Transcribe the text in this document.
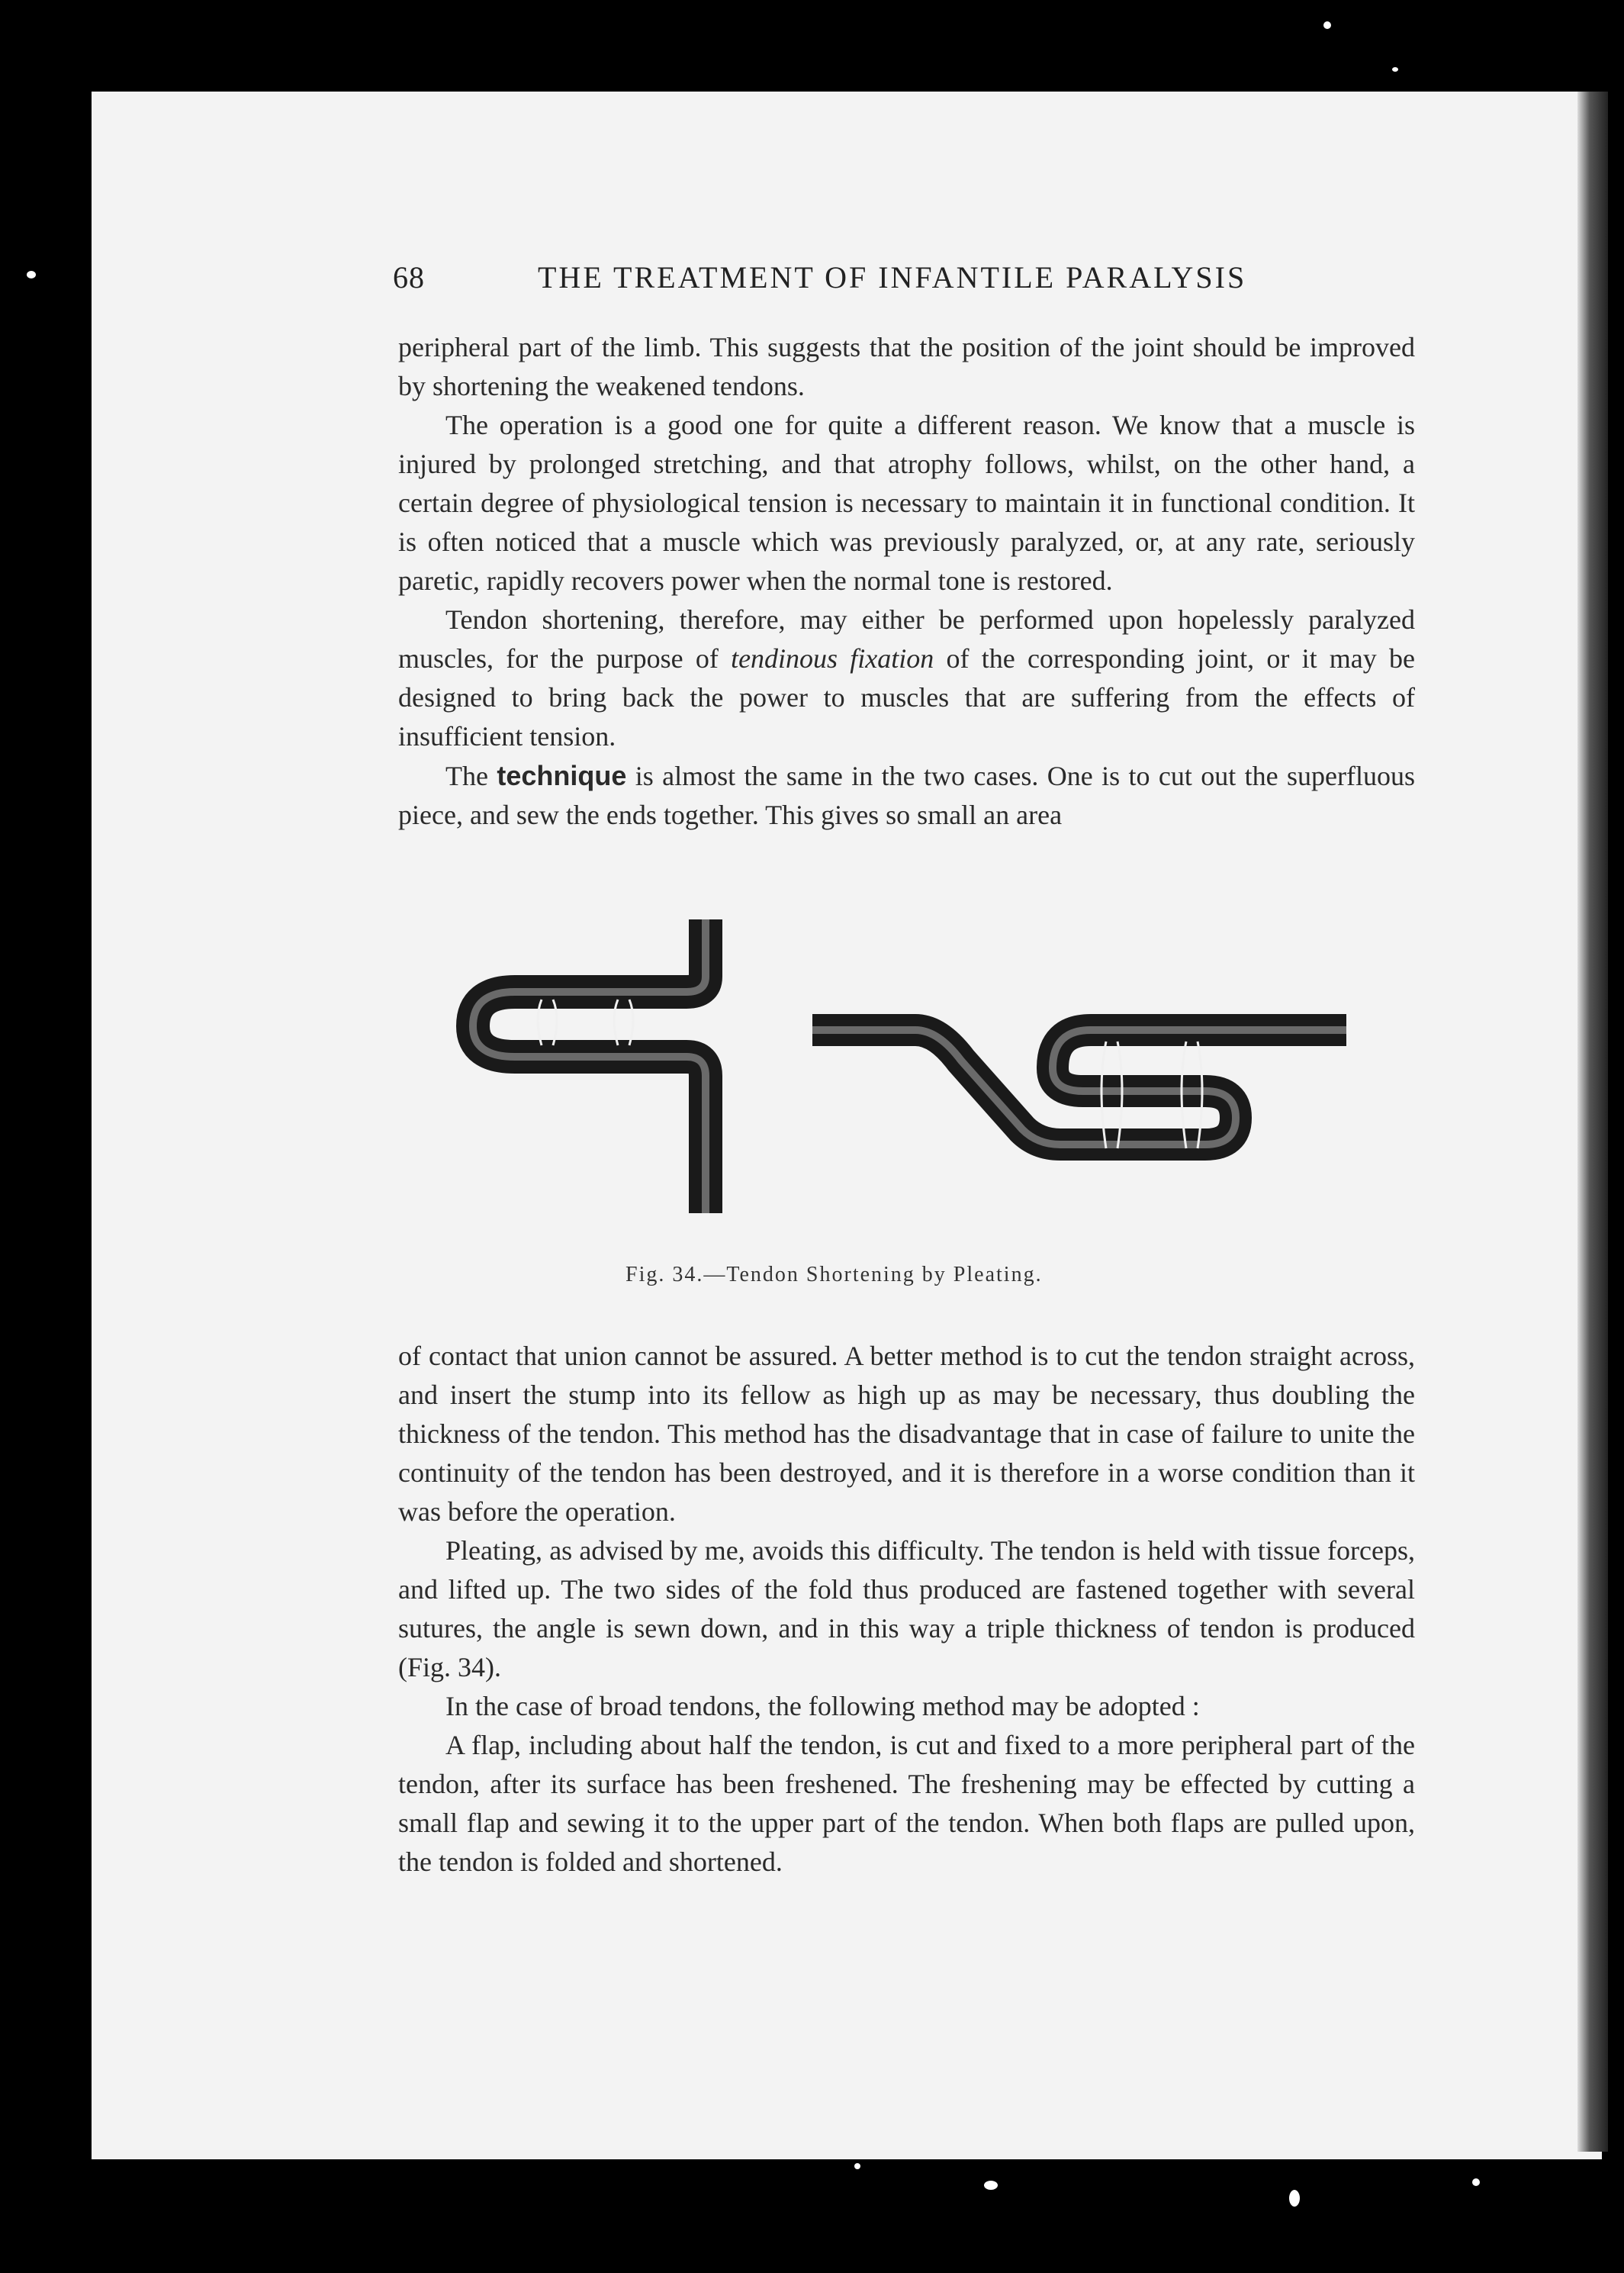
68	THE TREATMENT OF INFANTILE PARALYSIS

peripheral part of the limb. This suggests that the position of the joint should be improved by shortening the weakened tendons.

The operation is a good one for quite a different reason. We know that a muscle is injured by prolonged stretching, and that atrophy follows, whilst, on the other hand, a certain degree of physiological tension is necessary to maintain it in functional condition. It is often noticed that a muscle which was previously paralyzed, or, at any rate, seriously paretic, rapidly recovers power when the normal tone is restored.

Tendon shortening, therefore, may either be performed upon hopelessly paralyzed muscles, for the purpose of tendinous fixation of the corresponding joint, or it may be designed to bring back the power to muscles that are suffering from the effects of insufficient tension.

The technique is almost the same in the two cases. One is to cut out the superfluous piece, and sew the ends together. This gives so small an area

Fig. 34.—Tendon Shortening by Pleating.

of contact that union cannot be assured. A better method is to cut the tendon straight across, and insert the stump into its fellow as high up as may be necessary, thus doubling the thickness of the tendon. This method has the disadvantage that in case of failure to unite the continuity of the tendon has been destroyed, and it is therefore in a worse condition than it was before the operation.

Pleating, as advised by me, avoids this difficulty. The tendon is held with tissue forceps, and lifted up. The two sides of the fold thus produced are fastened together with several sutures, the angle is sewn down, and in this way a triple thickness of tendon is produced (Fig. 34).

In the case of broad tendons, the following method may be adopted :

A flap, including about half the tendon, is cut and fixed to a more peripheral part of the tendon, after its surface has been freshened. The freshening may be effected by cutting a small flap and sewing it to the upper part of the tendon. When both flaps are pulled upon, the tendon is folded and shortened.
